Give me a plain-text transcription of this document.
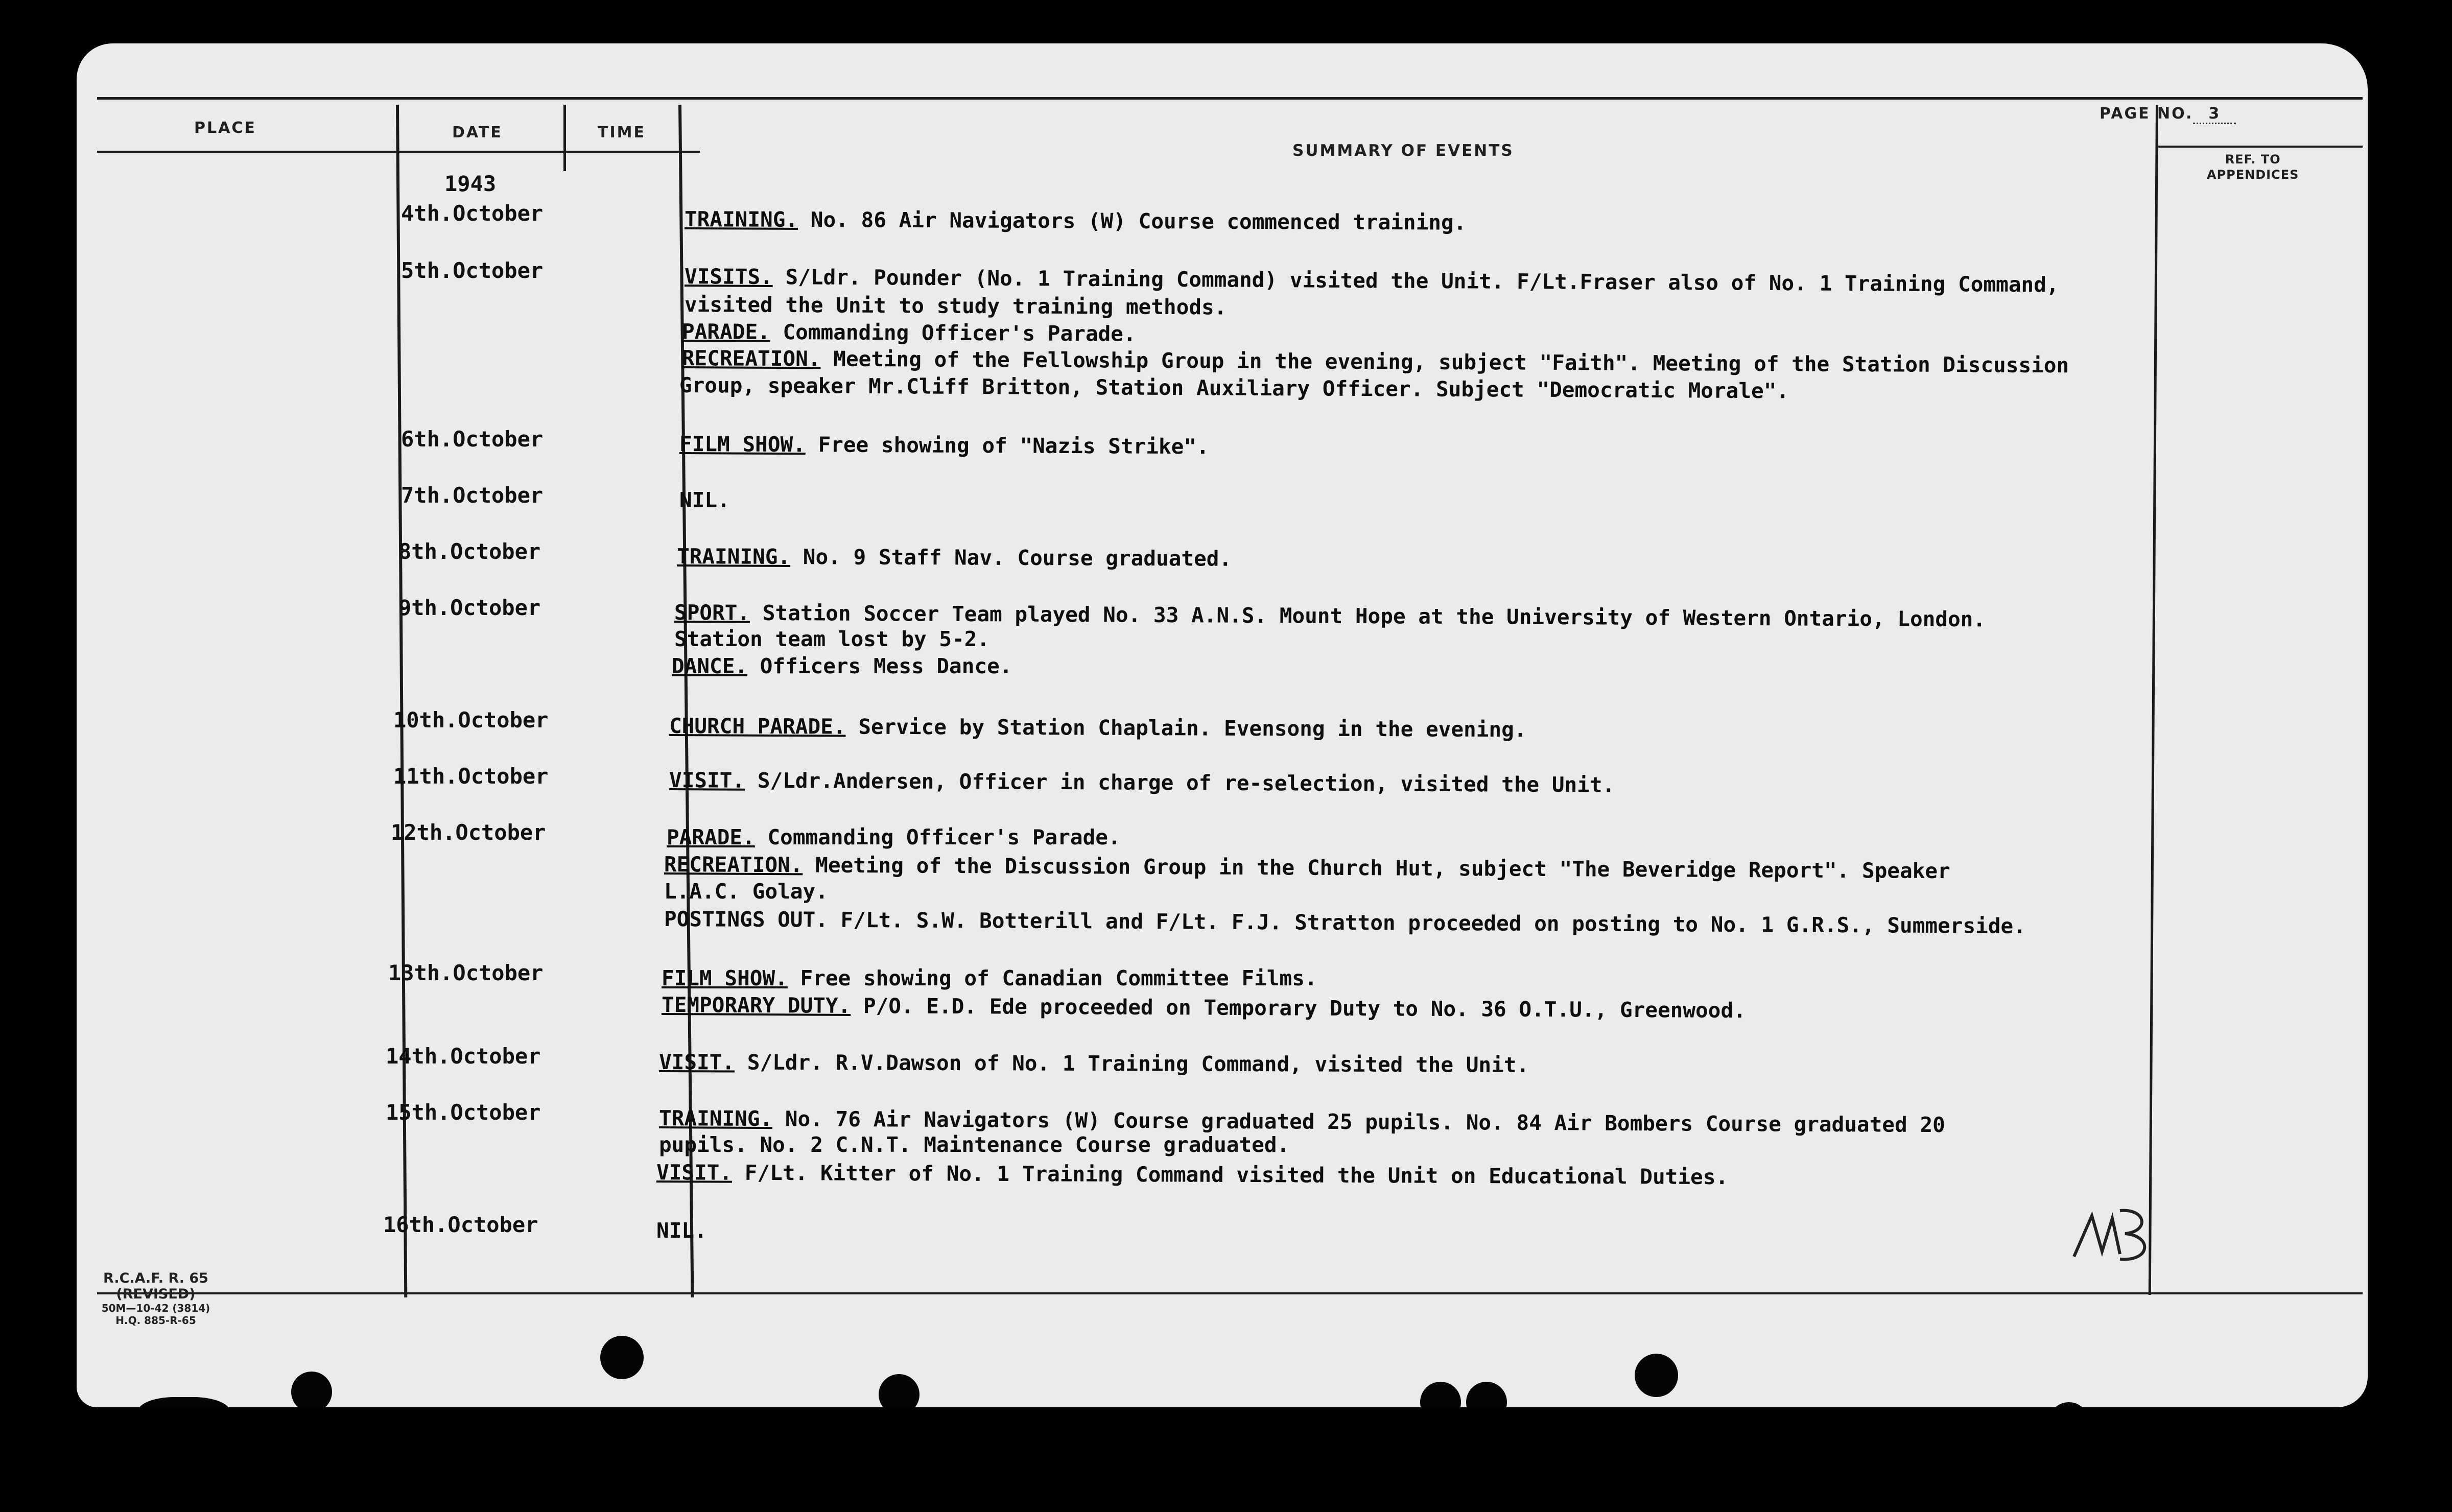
PLACE	DATE	TIME
SUMMARY OF EVENTS
PAGE NO. 3
REF. TO
APPENDICES
1943
4th.October
5th.October
6th.October
7th.October
8th.October
9th.October
10th.October
11th.October
12th.October
13th.October
14th.October
15th.October
16th.October
TRAINING. No. 86 Air Navigators (W) Course commenced training.
VISITS. S/Ldr. Pounder (No. 1 Training Command) visited the Unit. F/Lt.Fraser also of No. 1 Training Command,
visited the Unit to study training methods.
PARADE. Commanding Officer's Parade.
RECREATION. Meeting of the Fellowship Group in the evening, subject "Faith". Meeting of the Station Discussion
Group, speaker Mr.Cliff Britton, Station Auxiliary Officer. Subject "Democratic Morale".
FILM SHOW. Free showing of "Nazis Strike".
NIL.
TRAINING. No. 9 Staff Nav. Course graduated.
SPORT. Station Soccer Team played No. 33 A.N.S. Mount Hope at the University of Western Ontario, London.
Station team lost by 5-2.
DANCE. Officers Mess Dance.
CHURCH PARADE. Service by Station Chaplain. Evensong in the evening.
VISIT. S/Ldr.Andersen, Officer in charge of re-selection, visited the Unit.
PARADE. Commanding Officer's Parade.
RECREATION. Meeting of the Discussion Group in the Church Hut, subject "The Beveridge Report". Speaker
L.A.C. Golay.
POSTINGS OUT. F/Lt. S.W. Botterill and F/Lt. F.J. Stratton proceeded on posting to No. 1 G.R.S., Summerside.
FILM SHOW. Free showing of Canadian Committee Films.
TEMPORARY DUTY. P/O. E.D. Ede proceeded on Temporary Duty to No. 36 O.T.U., Greenwood.
VISIT. S/Ldr. R.V.Dawson of No. 1 Training Command, visited the Unit.
TRAINING. No. 76 Air Navigators (W) Course graduated 25 pupils. No. 84 Air Bombers Course graduated 20
pupils. No. 2 C.N.T. Maintenance Course graduated.
VISIT. F/Lt. Kitter of No. 1 Training Command visited the Unit on Educational Duties.
NIL.
R.C.A.F. R. 65 (REVISED)
50M—10-42 (3814)
H.Q. 885-R-65
